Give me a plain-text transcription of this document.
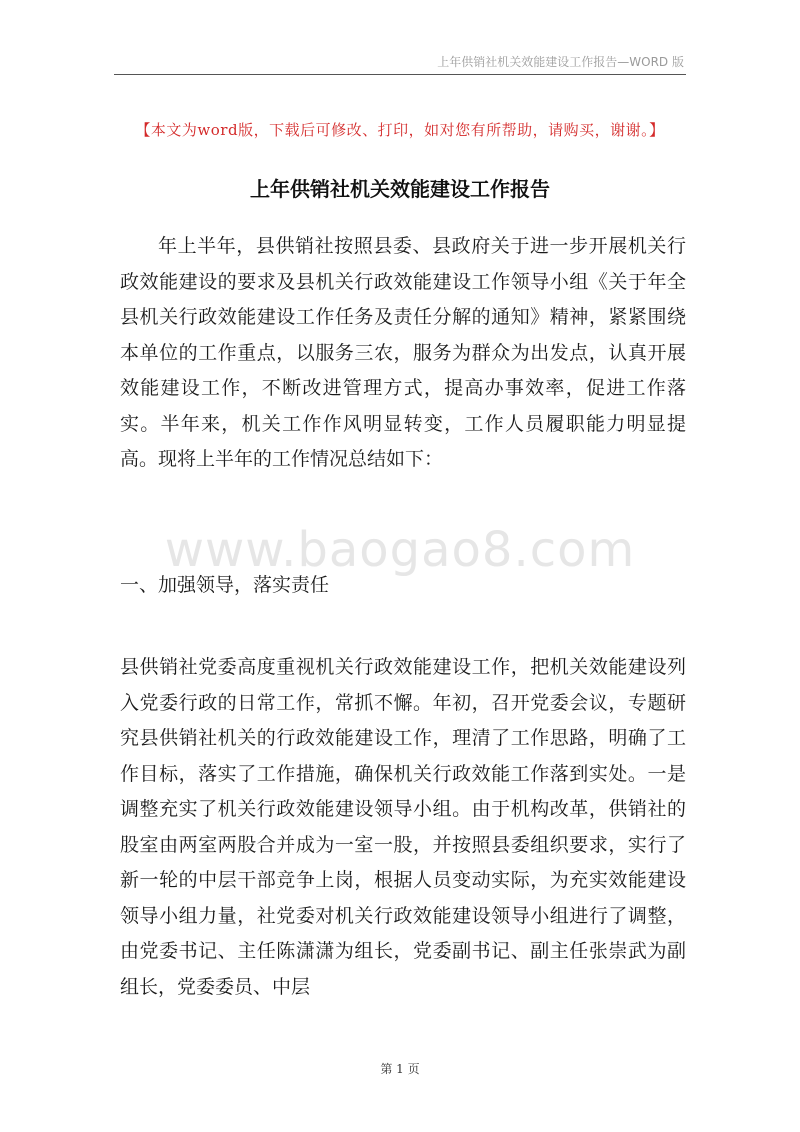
上年供销社机关效能建设工作报告—WORD 版
【本文为word版，下载后可修改、打印，如对您有所帮助，请购买，谢谢。】
上年供销社机关效能建设工作报告

年上半年，县供销社按照县委、县政府关于进一步开展机关行政效能建设的要求及县机关行政效能建设工作领导小组《关于年全县机关行政效能建设工作任务及责任分解的通知》精神，紧紧围绕本单位的工作重点，以服务三农，服务为群众为出发点，认真开展效能建设工作，不断改进管理方式，提高办事效率，促进工作落实。半年来，机关工作作风明显转变，工作人员履职能力明显提高。现将上半年的工作情况总结如下：

www.baogao8.com

一、加强领导，落实责任

县供销社党委高度重视机关行政效能建设工作，把机关效能建设列入党委行政的日常工作，常抓不懈。年初，召开党委会议，专题研究县供销社机关的行政效能建设工作，理清了工作思路，明确了工作目标，落实了工作措施，确保机关行政效能工作落到实处。一是调整充实了机关行政效能建设领导小组。由于机构改革，供销社的股室由两室两股合并成为一室一股，并按照县委组织要求，实行了新一轮的中层干部竞争上岗，根据人员变动实际，为充实效能建设领导小组力量，社党委对机关行政效能建设领导小组进行了调整，由党委书记、主任陈潇潇为组长，党委副书记、副主任张崇武为副组长，党委委员、中层

第 1 页
